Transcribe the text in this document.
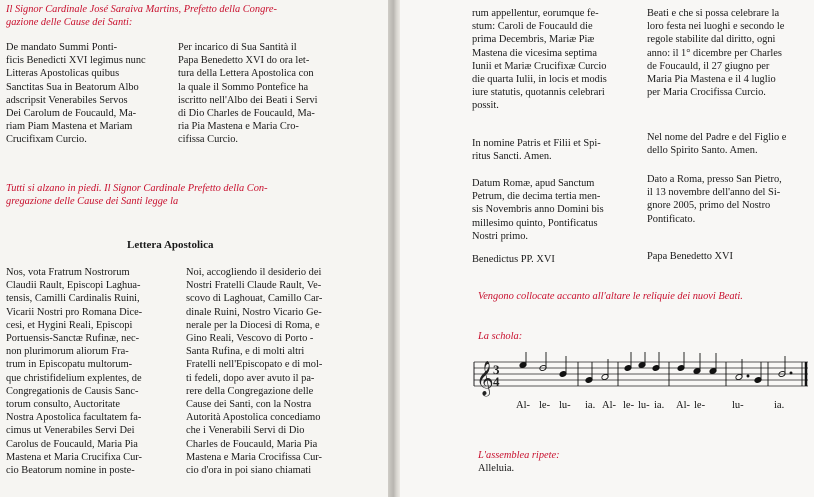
Il Signor Cardinale José Saraiva Martins, Prefetto della Congre-
gazione delle Cause dei Santi:
De mandato Summi Ponti-
ficis Benedicti XVI legimus nunc
Litteras Apostolicas quibus
Sanctitas Sua in Beatorum Albo
adscripsit Venerabiles Servos
Dei Carolum de Foucauld, Ma-
riam Piam Mastena et Mariam
Crucifixam Curcio.
Per incarico di Sua Santità il
Papa Benedetto XVI do ora let-
tura della Lettera Apostolica con
la quale il Sommo Pontefice ha
iscritto nell'Albo dei Beati i Servi
di Dio Charles de Foucauld, Ma-
ria Pia Mastena e Maria Cro-
cifissa Curcio.
Tutti si alzano in piedi. Il Signor Cardinale Prefetto della Con-
gregazione delle Cause dei Santi legge la
Lettera Apostolica
Nos, vota Fratrum Nostrorum
Claudii Rault, Episcopi Laghua-
tensis, Camilli Cardinalis Ruini,
Vicarii Nostri pro Romana Dice-
cesi, et Hygini Reali, Episcopi
Portuensis-Sanctæ Rufinæ, nec-
non plurimorum aliorum Fra-
trum in Episcopatu multorum-
que christifidelium explentes, de
Congregationis de Causis Sanc-
torum consulto, Auctoritate
Nostra Apostolica facultatem fa-
cimus ut Venerabiles Servi Dei
Carolus de Foucauld, Maria Pia
Mastena et Maria Crucifixa Cur-
cio Beatorum nomine in poste-
Noi, accogliendo il desiderio dei
Nostri Fratelli Claude Rault, Ve-
scovo di Laghouat, Camillo Car-
dinale Ruini, Nostro Vicario Ge-
nerale per la Diocesi di Roma, e
Gino Reali, Vescovo di Porto -
Santa Rufina, e di molti altri
Fratelli nell'Episcopato e di mol-
ti fedeli, dopo aver avuto il pa-
rere della Congregazione delle
Cause dei Santi, con la Nostra
Autorità Apostolica concediamo
che i Venerabili Servi di Dio
Charles de Foucauld, Maria Pia
Mastena e Maria Crocifissa Cur-
cio d'ora in poi siano chiamati
rum appellentur, eorumque fe-
stum: Caroli de Foucauld die
prima Decembris, Mariæ Piæ
Mastena die vicesima septima
Iunii et Mariæ Crucifixæ Curcio
die quarta Iulii, in locis et modis
iure statutis, quotannis celebrari
possit.
Beati e che si possa celebrare la
loro festa nei luoghi e secondo le
regole stabilite dal diritto, ogni
anno: il 1° dicembre per Charles
de Foucauld, il 27 giugno per
Maria Pia Mastena e il 4 luglio
per Maria Crocifissa Curcio.
In nomine Patris et Filii et Spi-
ritus Sancti. Amen.
Nel nome del Padre e del Figlio e
dello Spirito Santo. Amen.
Datum Romæ, apud Sanctum
Petrum, die decima tertia men-
sis Novembris anno Domini bis
millesimo quinto, Pontificatus
Nostri primo.
Dato a Roma, presso San Pietro,
il 13 novembre dell'anno del Si-
gnore 2005, primo del Nostro
Pontificato.
Benedictus PP. XVI	Papa Benedetto XVI
Vengono collocate accanto all'altare le reliquie dei nuovi Beati.
La schola:
𝄞 3
4
Al- le- lu- ia. Al- le- lu- ia. Al- le-	lu-	ia.

L'assemblea ripete:
Alleluia.
